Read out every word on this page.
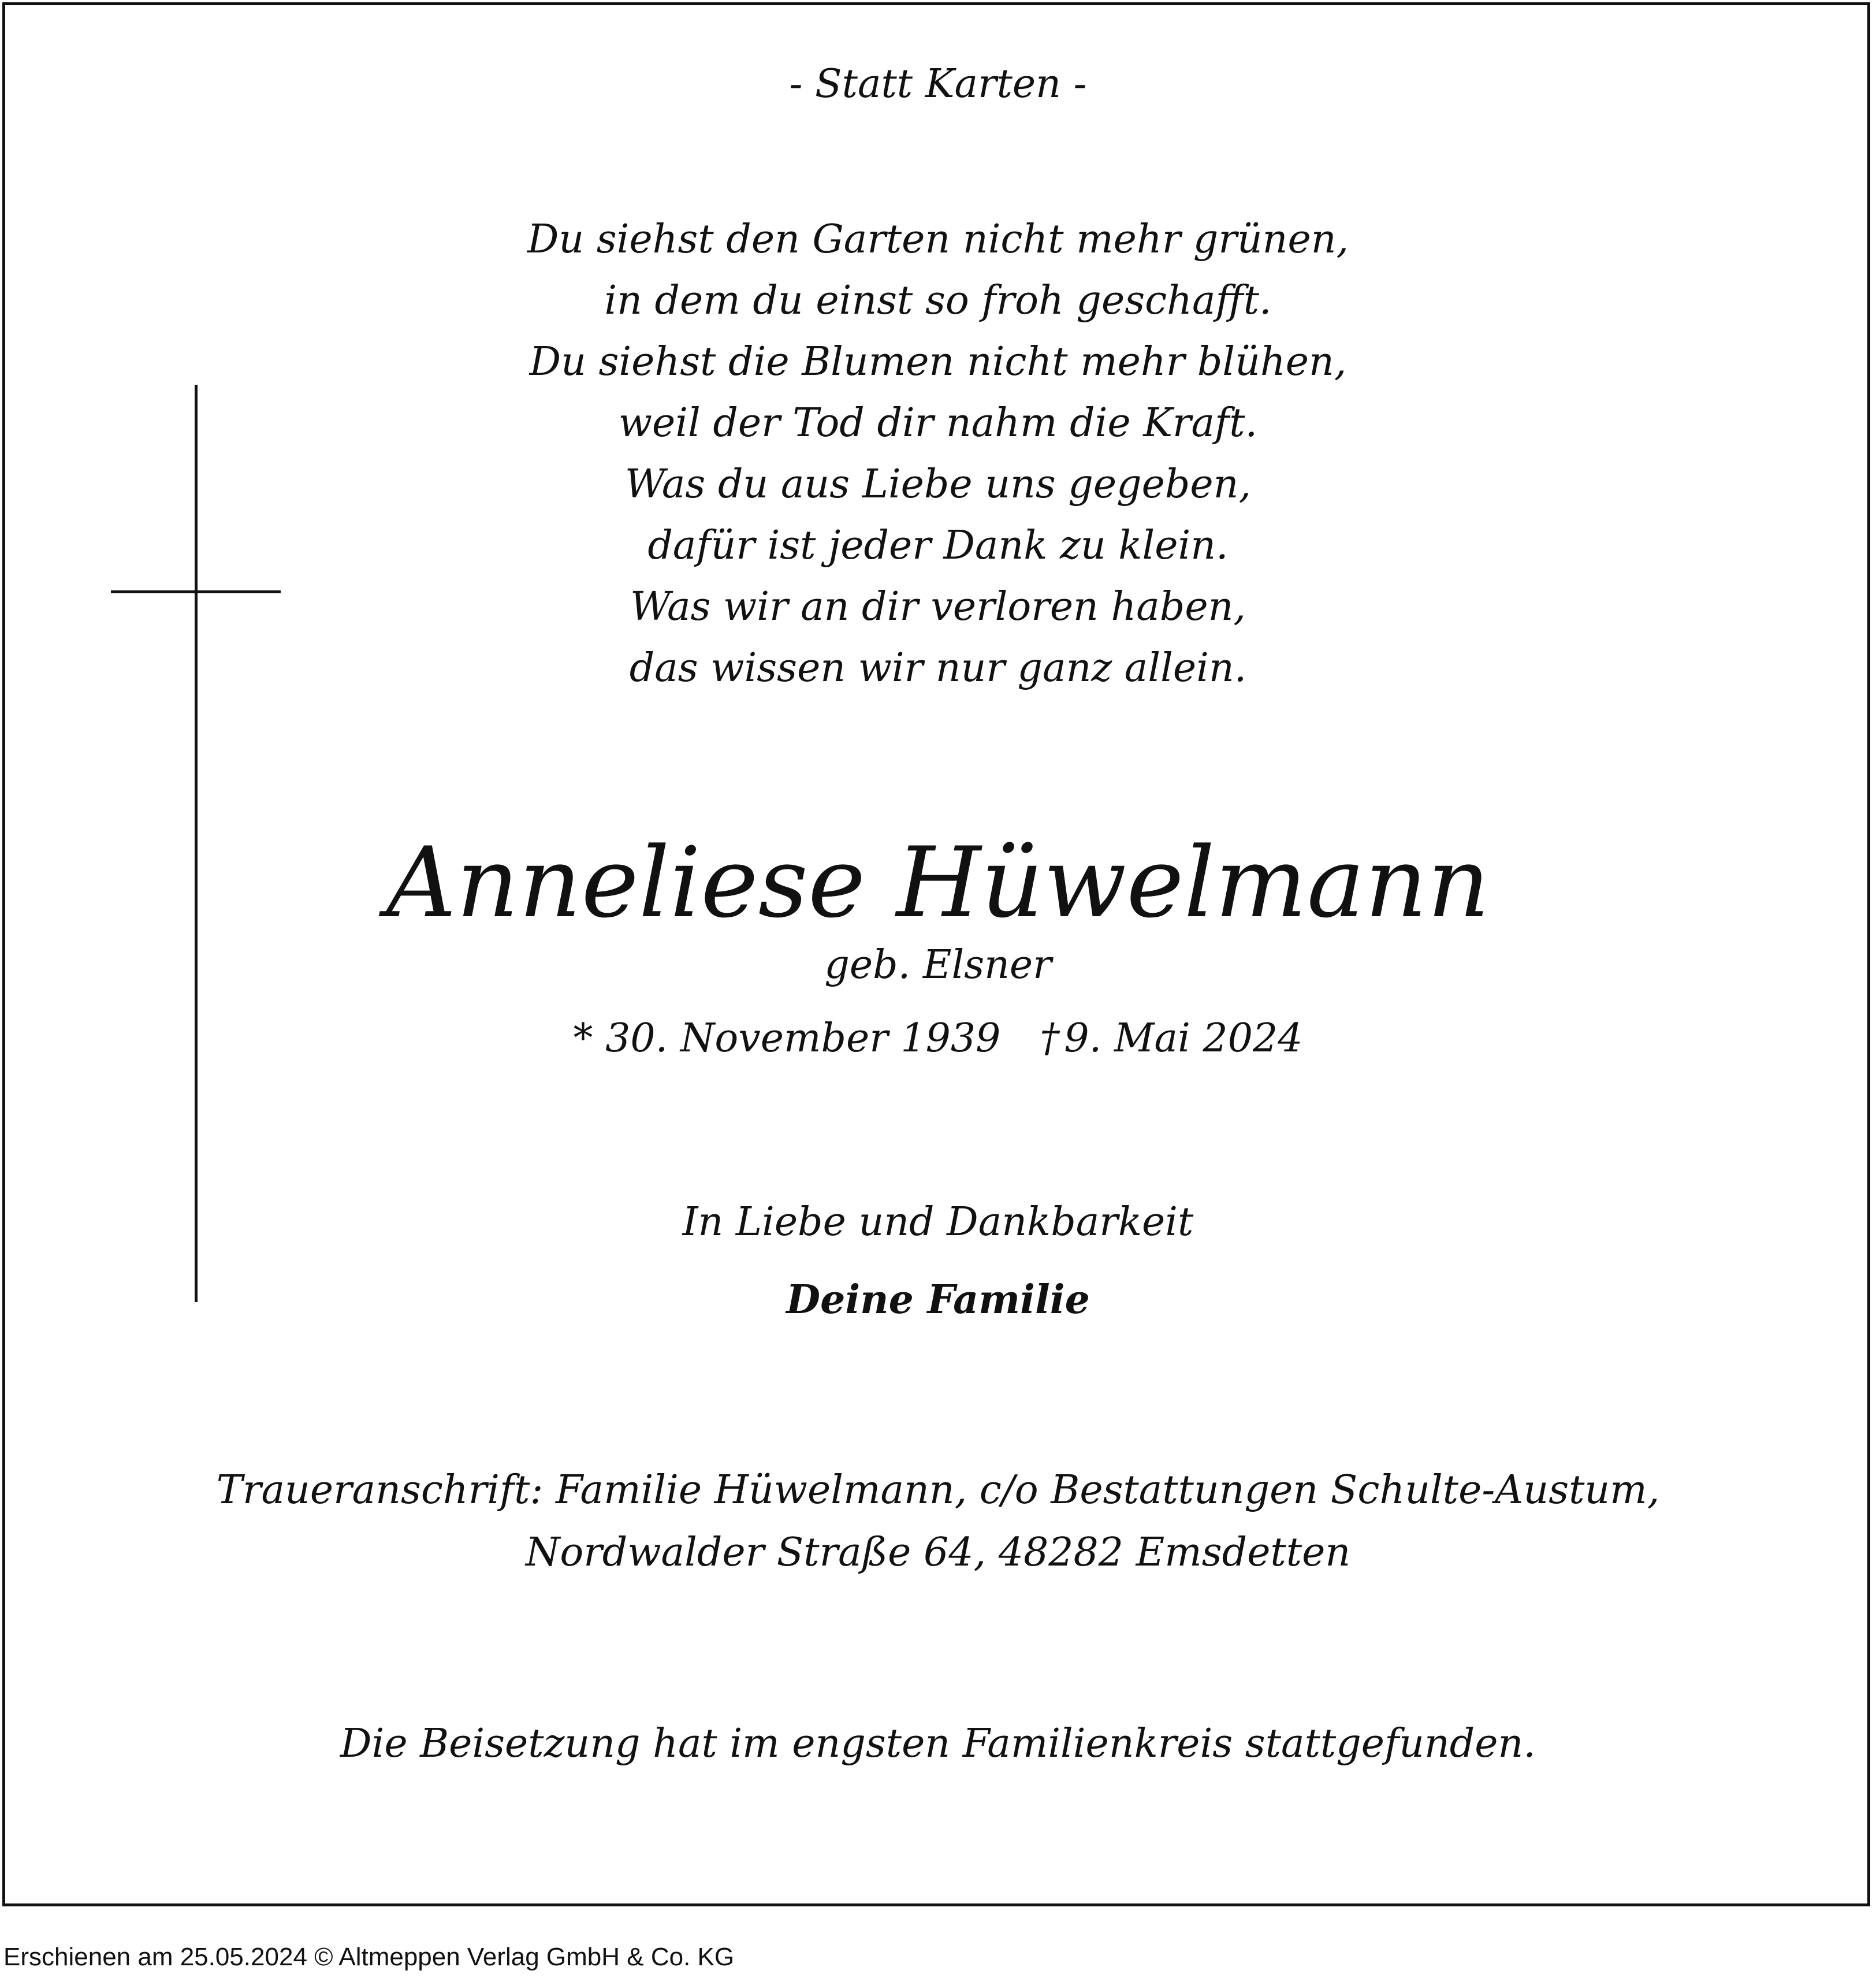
- Statt Karten -
Du siehst den Garten nicht mehr grünen,
in dem du einst so froh geschafft.
Du siehst die Blumen nicht mehr blühen,
weil der Tod dir nahm die Kraft.
Was du aus Liebe uns gegeben,
dafür ist jeder Dank zu klein.
Was wir an dir verloren haben,
das wissen wir nur ganz allein.
Anneliese Hüwelmann
geb. Elsner
* 30. November 1939 † 9. Mai 2024
In Liebe und Dankbarkeit
Deine Familie
Traueranschrift: Familie Hüwelmann, c/o Bestattungen Schulte-Austum,
Nordwalder Straße 64, 48282 Emsdetten
Die Beisetzung hat im engsten Familienkreis stattgefunden.
Erschienen am 25.05.2024 © Altmeppen Verlag GmbH & Co. KG
